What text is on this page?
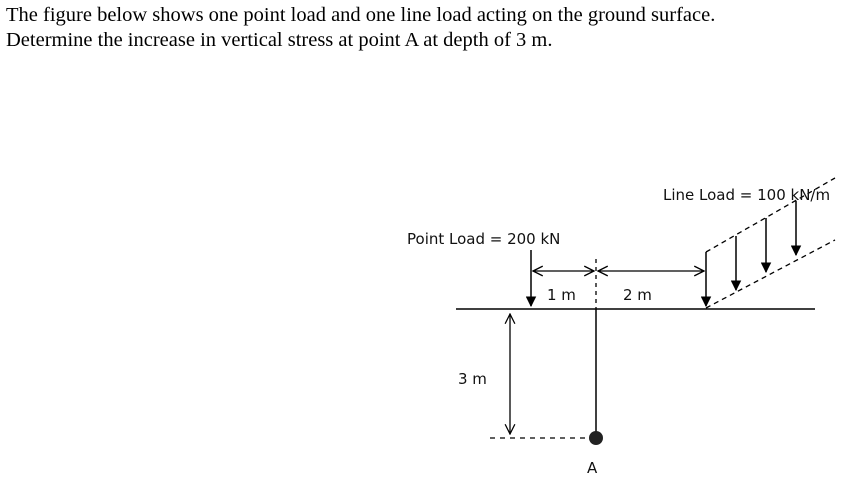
The figure below shows one point load and one line load acting on the ground surface.

Determine the increase in vertical stress at point A at depth of 3 m.

Point Load = 200 kN
1 m	2 m
Line Load = 100 kN/m
3 m
A
